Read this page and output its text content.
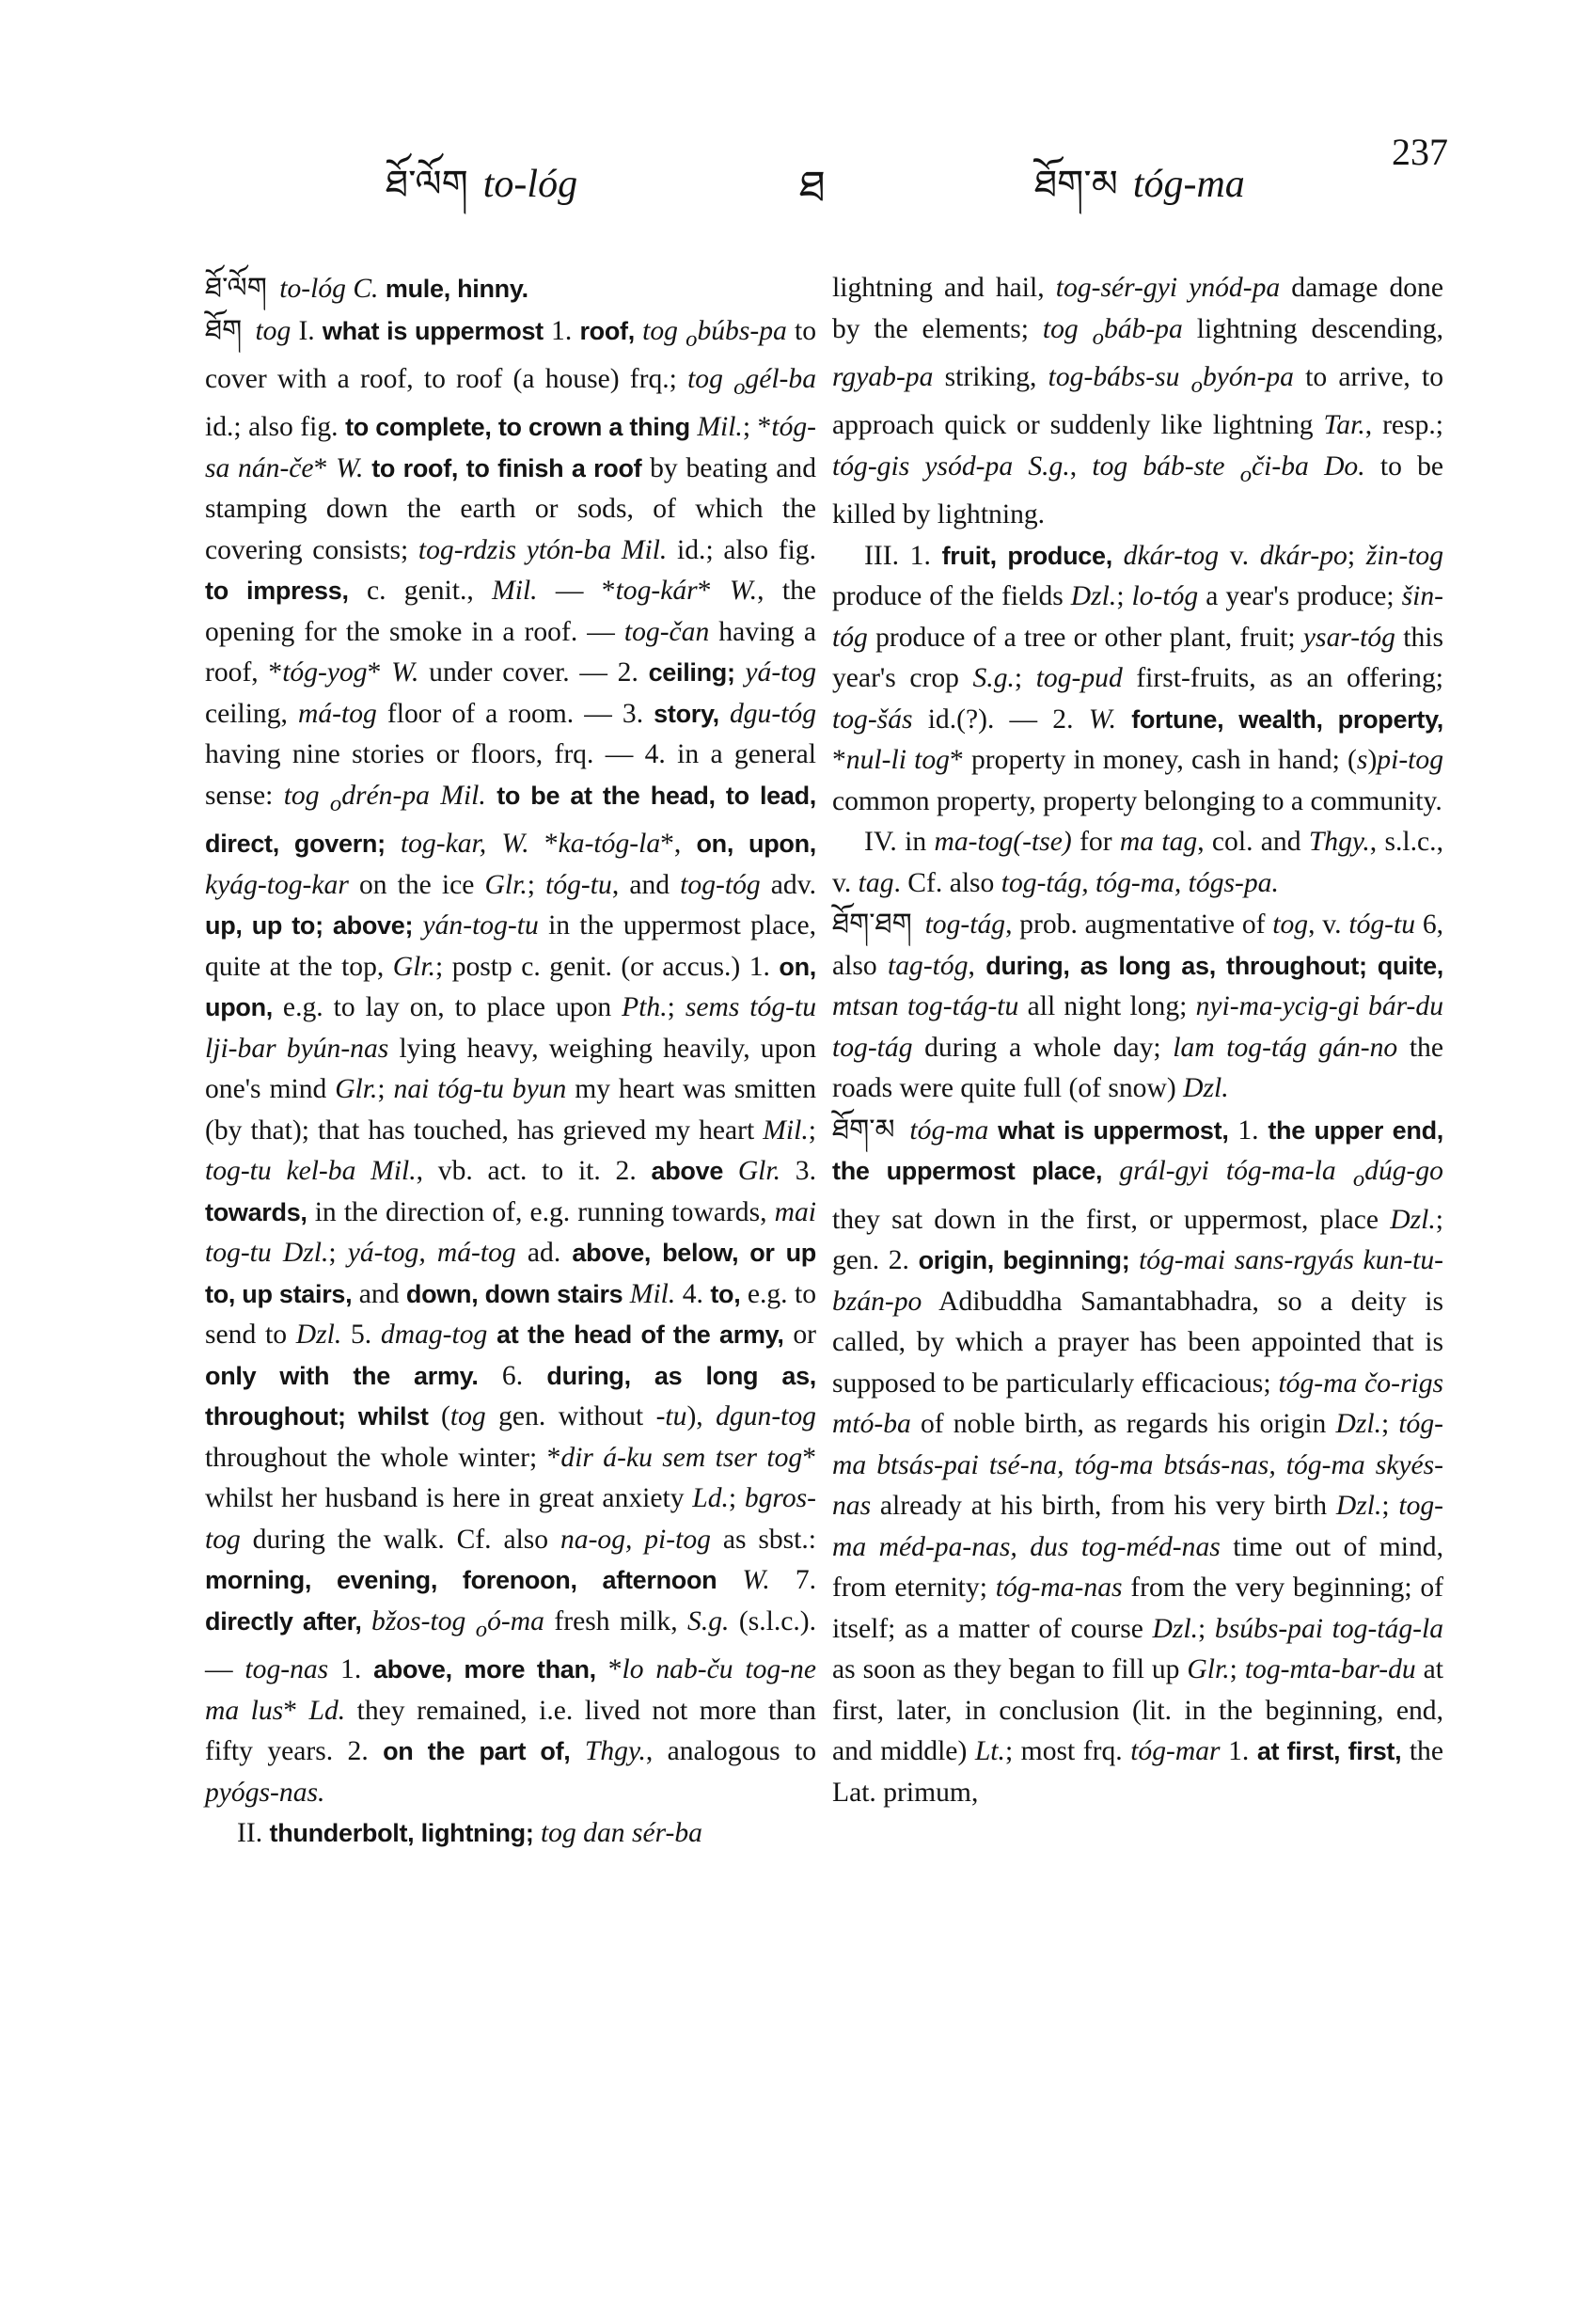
ཐོ་ལོག to-lóg	ཐ	ཐོག་མ tóg-ma
237

ཐོ་ལོག to-lóg C. mule, hinny.

ཐོག tog I. what is uppermost 1. roof, tog $_o$búbs-pa to cover with a roof, to roof (a house) frq.; tog $_o$gél-ba id.; also fig. to complete, to crown a thing Mil.; *tóg-sa nán-če* W. to roof, to finish a roof by beating and stamping down the earth or sods, of which the covering consists; tog-rdzis ytón-ba Mil. id.; also fig. to impress, c. genit., Mil. — *tog-kár* W., the opening for the smoke in a roof. — tog-čan having a roof, *tóg-yog* W. under cover. — 2. ceiling; yá-tog ceiling, má-tog floor of a room. — 3. story, dgu-tóg having nine stories or floors, frq. — 4. in a general sense: tog $_o$drén-pa Mil. to be at the head, to lead, direct, govern; tog-kar, W. *ka-tóg-la*, on, upon, kyág-tog-kar on the ice Glr.; tóg-tu, and tog-tóg adv. up, up to; above; yán-tog-tu in the uppermost place, quite at the top, Glr.; postp c. genit. (or accus.) 1. on, upon, e.g. to lay on, to place upon Pth.; sems tóg-tu lji-bar byún-nas lying heavy, weighing heavily, upon one's mind Glr.; nai tóg-tu byun my heart was smitten (by that); that has touched, has grieved my heart Mil.; tog-tu kel-ba Mil., vb. act. to it. 2. above Glr. 3. towards, in the direction of, e.g. running towards, mai tog-tu Dzl.; yá-tog, má-tog ad. above, below, or up to, up stairs, and down, down stairs Mil. 4. to, e.g. to send to Dzl. 5. dmag-tog at the head of the army, or only with the army. 6. during, as long as, throughout; whilst (tog gen. without -tu), dgun-tog throughout the whole winter; *dir á-ku sem tser tog* whilst her husband is here in great anxiety Ld.; bgros-tog during the walk. Cf. also na-og, pi-tog as sbst.: morning, evening, forenoon, afternoon W. 7. directly after, bžos-tog $_o$ó-ma fresh milk, S.g. (s.l.c.). — tog-nas 1. above, more than, *lo nab-ču tog-ne ma lus* Ld. they remained, i.e. lived not more than fifty years. 2. on the part of, Thgy., analogous to pyógs-nas.

II. thunderbolt, lightning; tog dan sér-ba

lightning and hail, tog-sér-gyi ynód-pa damage done by the elements; tog $_o$báb-pa lightning descending, rgyab-pa striking, tog-bábs-su $_o$byón-pa to arrive, to approach quick or suddenly like lightning Tar., resp.; tóg-gis ysód-pa S.g., tog báb-ste $_o$či-ba Do. to be killed by lightning.

III. 1. fruit, produce, dkár-tog v. dkár-po; žin-tog produce of the fields Dzl.; lo-tóg a year's produce; šin-tóg produce of a tree or other plant, fruit; ysar-tóg this year's crop S.g.; tog-pud first-fruits, as an offering; tog-šás id.(?). — 2. W. fortune, wealth, property, *nul-li tog* property in money, cash in hand; (s)pi-tog common property, property belonging to a community.

IV. in ma-tog(-tse) for ma tag, col. and Thgy., s.l.c., v. tag. Cf. also tog-tág, tóg-ma, tógs-pa.

ཐོག་ཐག tog-tág, prob. augmentative of tog, v. tóg-tu 6, also tag-tóg, during, as long as, throughout; quite, mtsan tog-tág-tu all night long; nyi-ma-ycig-gi bár-du tog-tág during a whole day; lam tog-tág gán-no the roads were quite full (of snow) Dzl.

ཐོག་མ tóg-ma what is uppermost, 1. the upper end, the uppermost place, grál-gyi tóg-ma-la $_o$dúg-go they sat down in the first, or uppermost, place Dzl.; gen. 2. origin, beginning; tóg-mai sans-rgyás kun-tu-bzán-po Adibuddha Samantabhadra, so a deity is called, by which a prayer has been appointed that is supposed to be particularly efficacious; tóg-ma čo-rigs mtó-ba of noble birth, as regards his origin Dzl.; tóg-ma btsás-pai tsé-na, tóg-ma btsás-nas, tóg-ma skyés-nas already at his birth, from his very birth Dzl.; tog-ma méd-pa-nas, dus tog-méd-nas time out of mind, from eternity; tóg-ma-nas from the very beginning; of itself; as a matter of course Dzl.; bsúbs-pai tog-tág-la as soon as they began to fill up Glr.; tog-mta-bar-du at first, later, in conclusion (lit. in the beginning, end, and middle) Lt.; most frq. tóg-mar 1. at first, first, the Lat. primum,
